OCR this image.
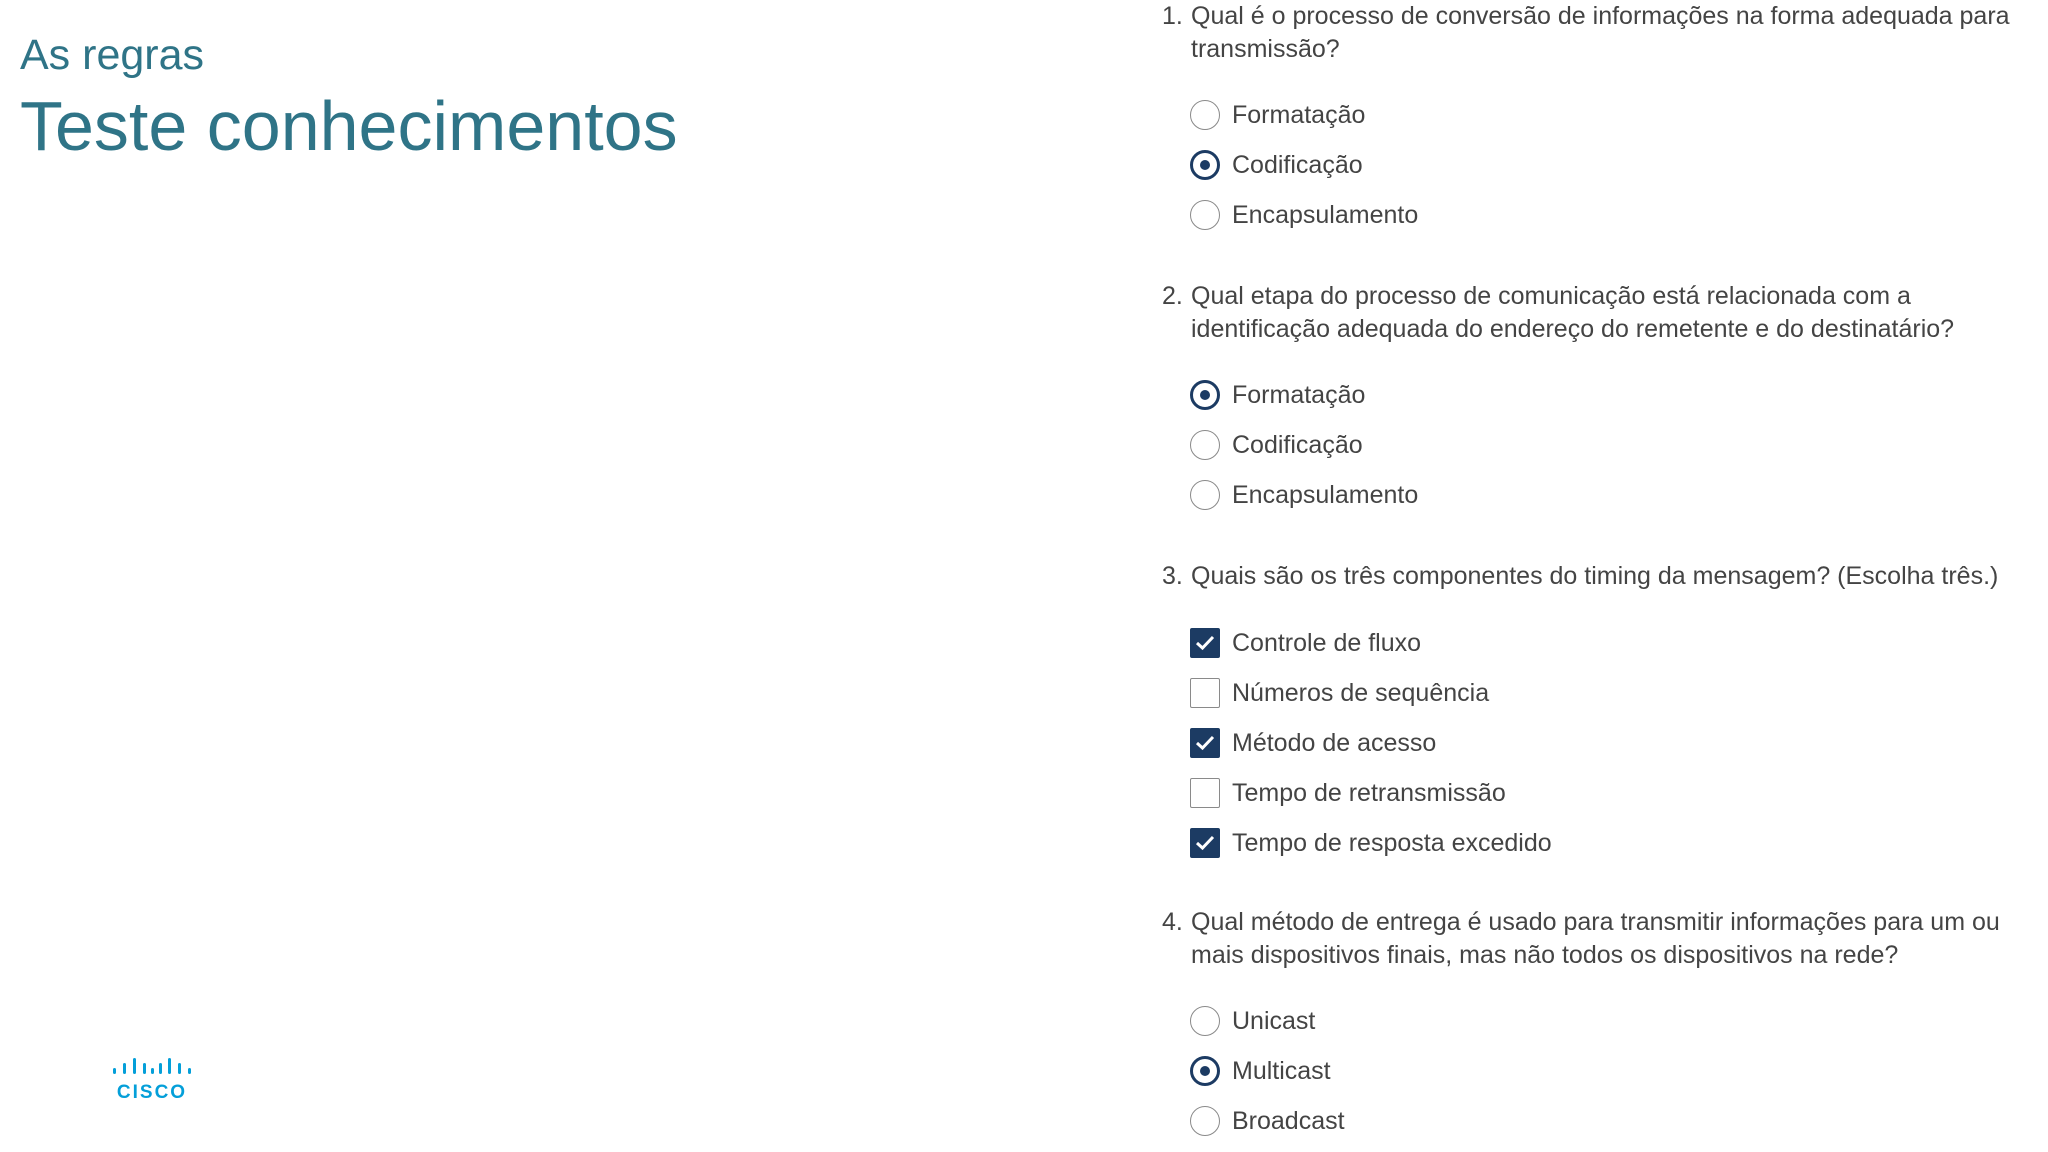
As regras
Teste conhecimentos
CISCO
1. Qual é o processo de conversão de informações na forma adequada para transmissão?
Formatação
Codificação
Encapsulamento
2. Qual etapa do processo de comunicação está relacionada com a identificação adequada do endereço do remetente e do destinatário?
Formatação
Codificação
Encapsulamento
3. Quais são os três componentes do timing da mensagem? (Escolha três.)
Controle de fluxo
Números de sequência
Método de acesso
Tempo de retransmissão
Tempo de resposta excedido
4. Qual método de entrega é usado para transmitir informações para um ou mais dispositivos finais, mas não todos os dispositivos na rede?
Unicast
Multicast
Broadcast
